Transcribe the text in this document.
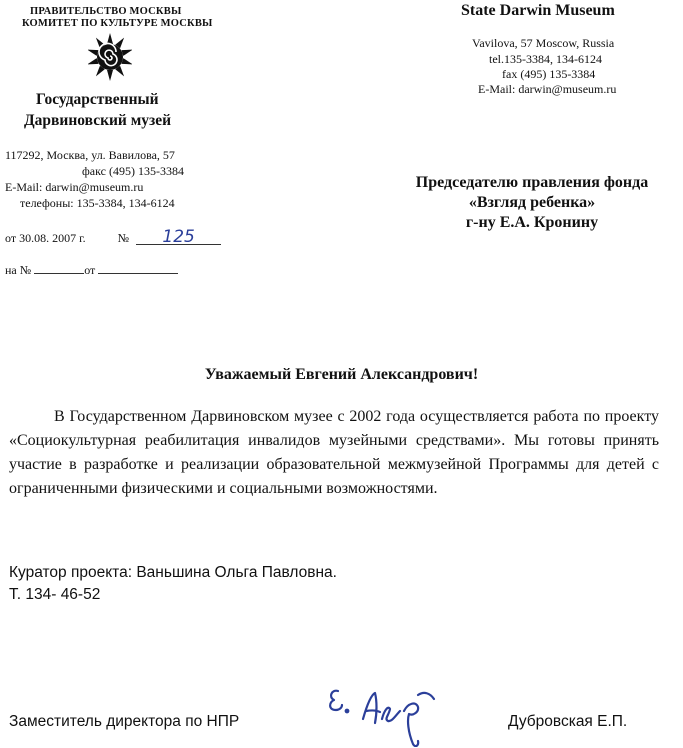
ПРАВИТЕЛЬСТВО МОСКВЫ
КОМИТЕТ ПО КУЛЬТУРЕ МОСКВЫ
Государственный
Дарвиновский музей
117292, Москва, ул. Вавилова, 57
факс (495) 135-3384
E-Mail: darwin@museum.ru
телефоны: 135-3384, 134-6124
от 30.08. 2007 г.	№ 125
на №	от
State Darwin Museum
Vavilova, 57 Moscow, Russia
tel.135-3384, 134-6124
fax (495) 135-3384
E-Mail: darwin@museum.ru
Председателю правления фонда
«Взгляд ребенка»
г-ну Е.А. Кронину
Уважаемый Евгений Александрович!
В Государственном Дарвиновском музее с 2002 года осуществляется работа по проекту «Социокультурная реабилитация инвалидов музейными средствами». Мы готовы принять участие в разработке и реализации образовательной межмузейной Программы для детей с ограниченными физическими и социальными возможностями.
Куратор проекта: Ваньшина Ольга Павловна.
Т. 134- 46-52
Заместитель директора по НПР	Дубровская Е.П.
